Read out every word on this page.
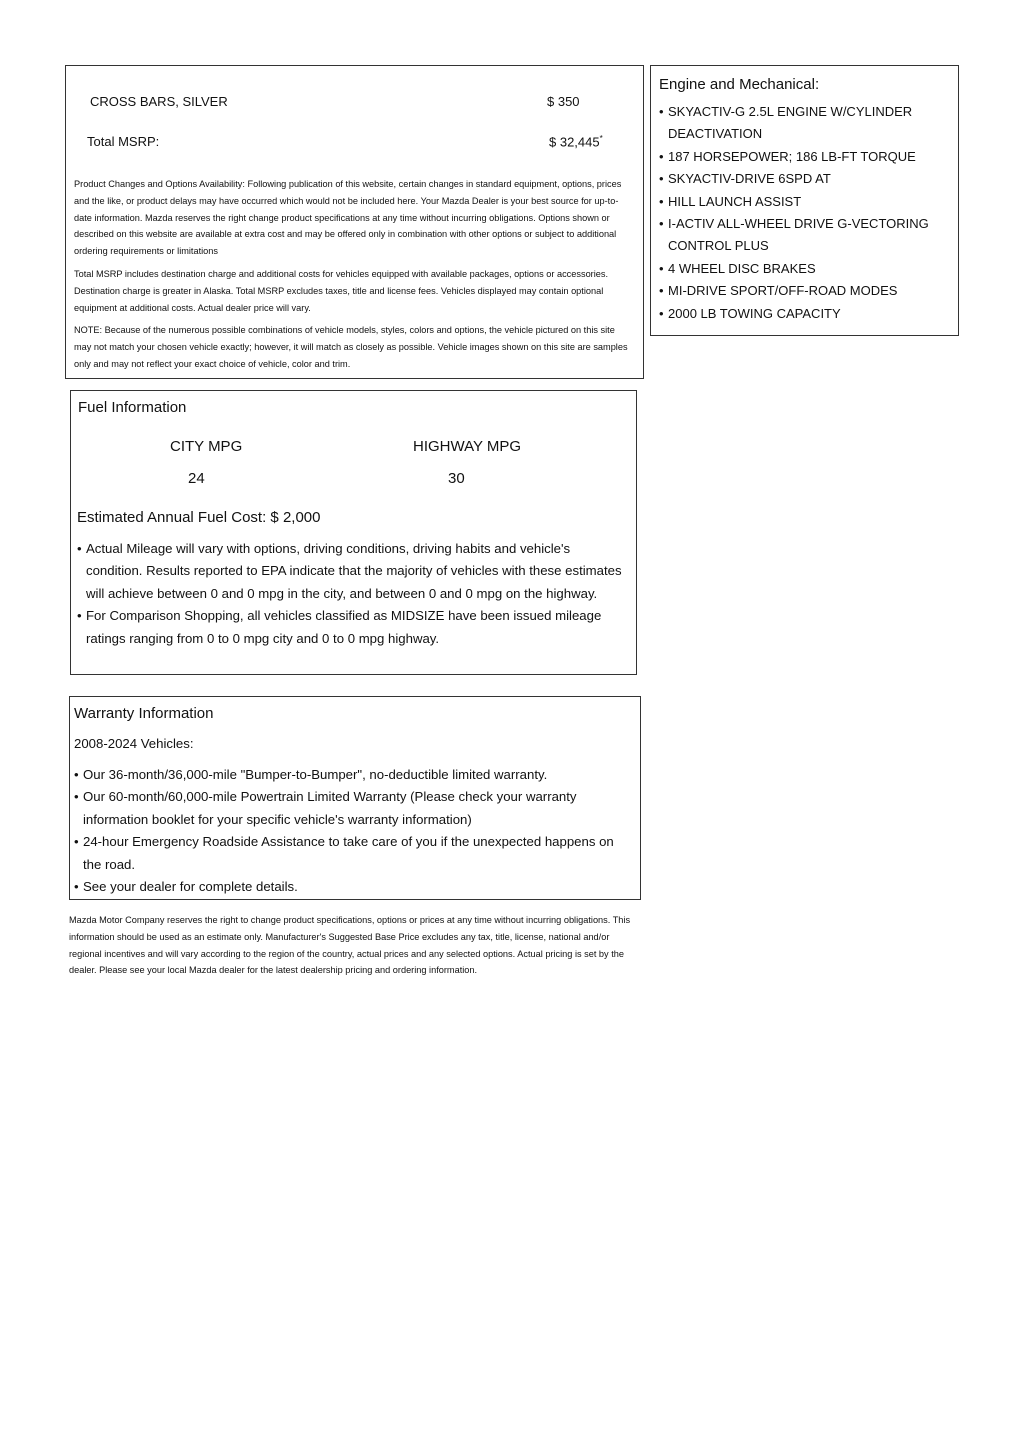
CROSS BARS, SILVER	$ 350
Total MSRP:	$ 32,445*

Product Changes and Options Availability: Following publication of this website, certain changes in standard equipment, options, prices and the like, or product delays may have occurred which would not be included here. Your Mazda Dealer is your best source for up-to-date information. Mazda reserves the right change product specifications at any time without incurring obligations. Options shown or described on this website are available at extra cost and may be offered only in combination with other options or subject to additional ordering requirements or limitations

Total MSRP includes destination charge and additional costs for vehicles equipped with available packages, options or accessories. Destination charge is greater in Alaska. Total MSRP excludes taxes, title and license fees. Vehicles displayed may contain optional equipment at additional costs. Actual dealer price will vary.

NOTE: Because of the numerous possible combinations of vehicle models, styles, colors and options, the vehicle pictured on this site may not match your chosen vehicle exactly; however, it will match as closely as possible. Vehicle images shown on this site are samples only and may not reflect your exact choice of vehicle, color and trim.

Engine and Mechanical:
• SKYACTIV-G 2.5L ENGINE W/CYLINDER DEACTIVATION
• 187 HORSEPOWER; 186 LB-FT TORQUE
• SKYACTIV-DRIVE 6SPD AT
• HILL LAUNCH ASSIST
• I-ACTIV ALL-WHEEL DRIVE G-VECTORING CONTROL PLUS
• 4 WHEEL DISC BRAKES
• MI-DRIVE SPORT/OFF-ROAD MODES
• 2000 LB TOWING CAPACITY
Fuel Information
CITY MPG
24
HIGHWAY MPG
30
Estimated Annual Fuel Cost: $ 2,000
• Actual Mileage will vary with options, driving conditions, driving habits and vehicle's condition. Results reported to EPA indicate that the majority of vehicles with these estimates will achieve between 0 and 0 mpg in the city, and between 0 and 0 mpg on the highway.
• For Comparison Shopping, all vehicles classified as MIDSIZE have been issued mileage ratings ranging from 0 to 0 mpg city and 0 to 0 mpg highway.
Warranty Information
2008-2024 Vehicles:
• Our 36-month/36,000-mile "Bumper-to-Bumper", no-deductible limited warranty.
• Our 60-month/60,000-mile Powertrain Limited Warranty (Please check your warranty information booklet for your specific vehicle's warranty information)
• 24-hour Emergency Roadside Assistance to take care of you if the unexpected happens on the road.
• See your dealer for complete details.

Mazda Motor Company reserves the right to change product specifications, options or prices at any time without incurring obligations. This information should be used as an estimate only. Manufacturer's Suggested Base Price excludes any tax, title, license, national and/or regional incentives and will vary according to the region of the country, actual prices and any selected options. Actual pricing is set by the dealer. Please see your local Mazda dealer for the latest dealership pricing and ordering information.
